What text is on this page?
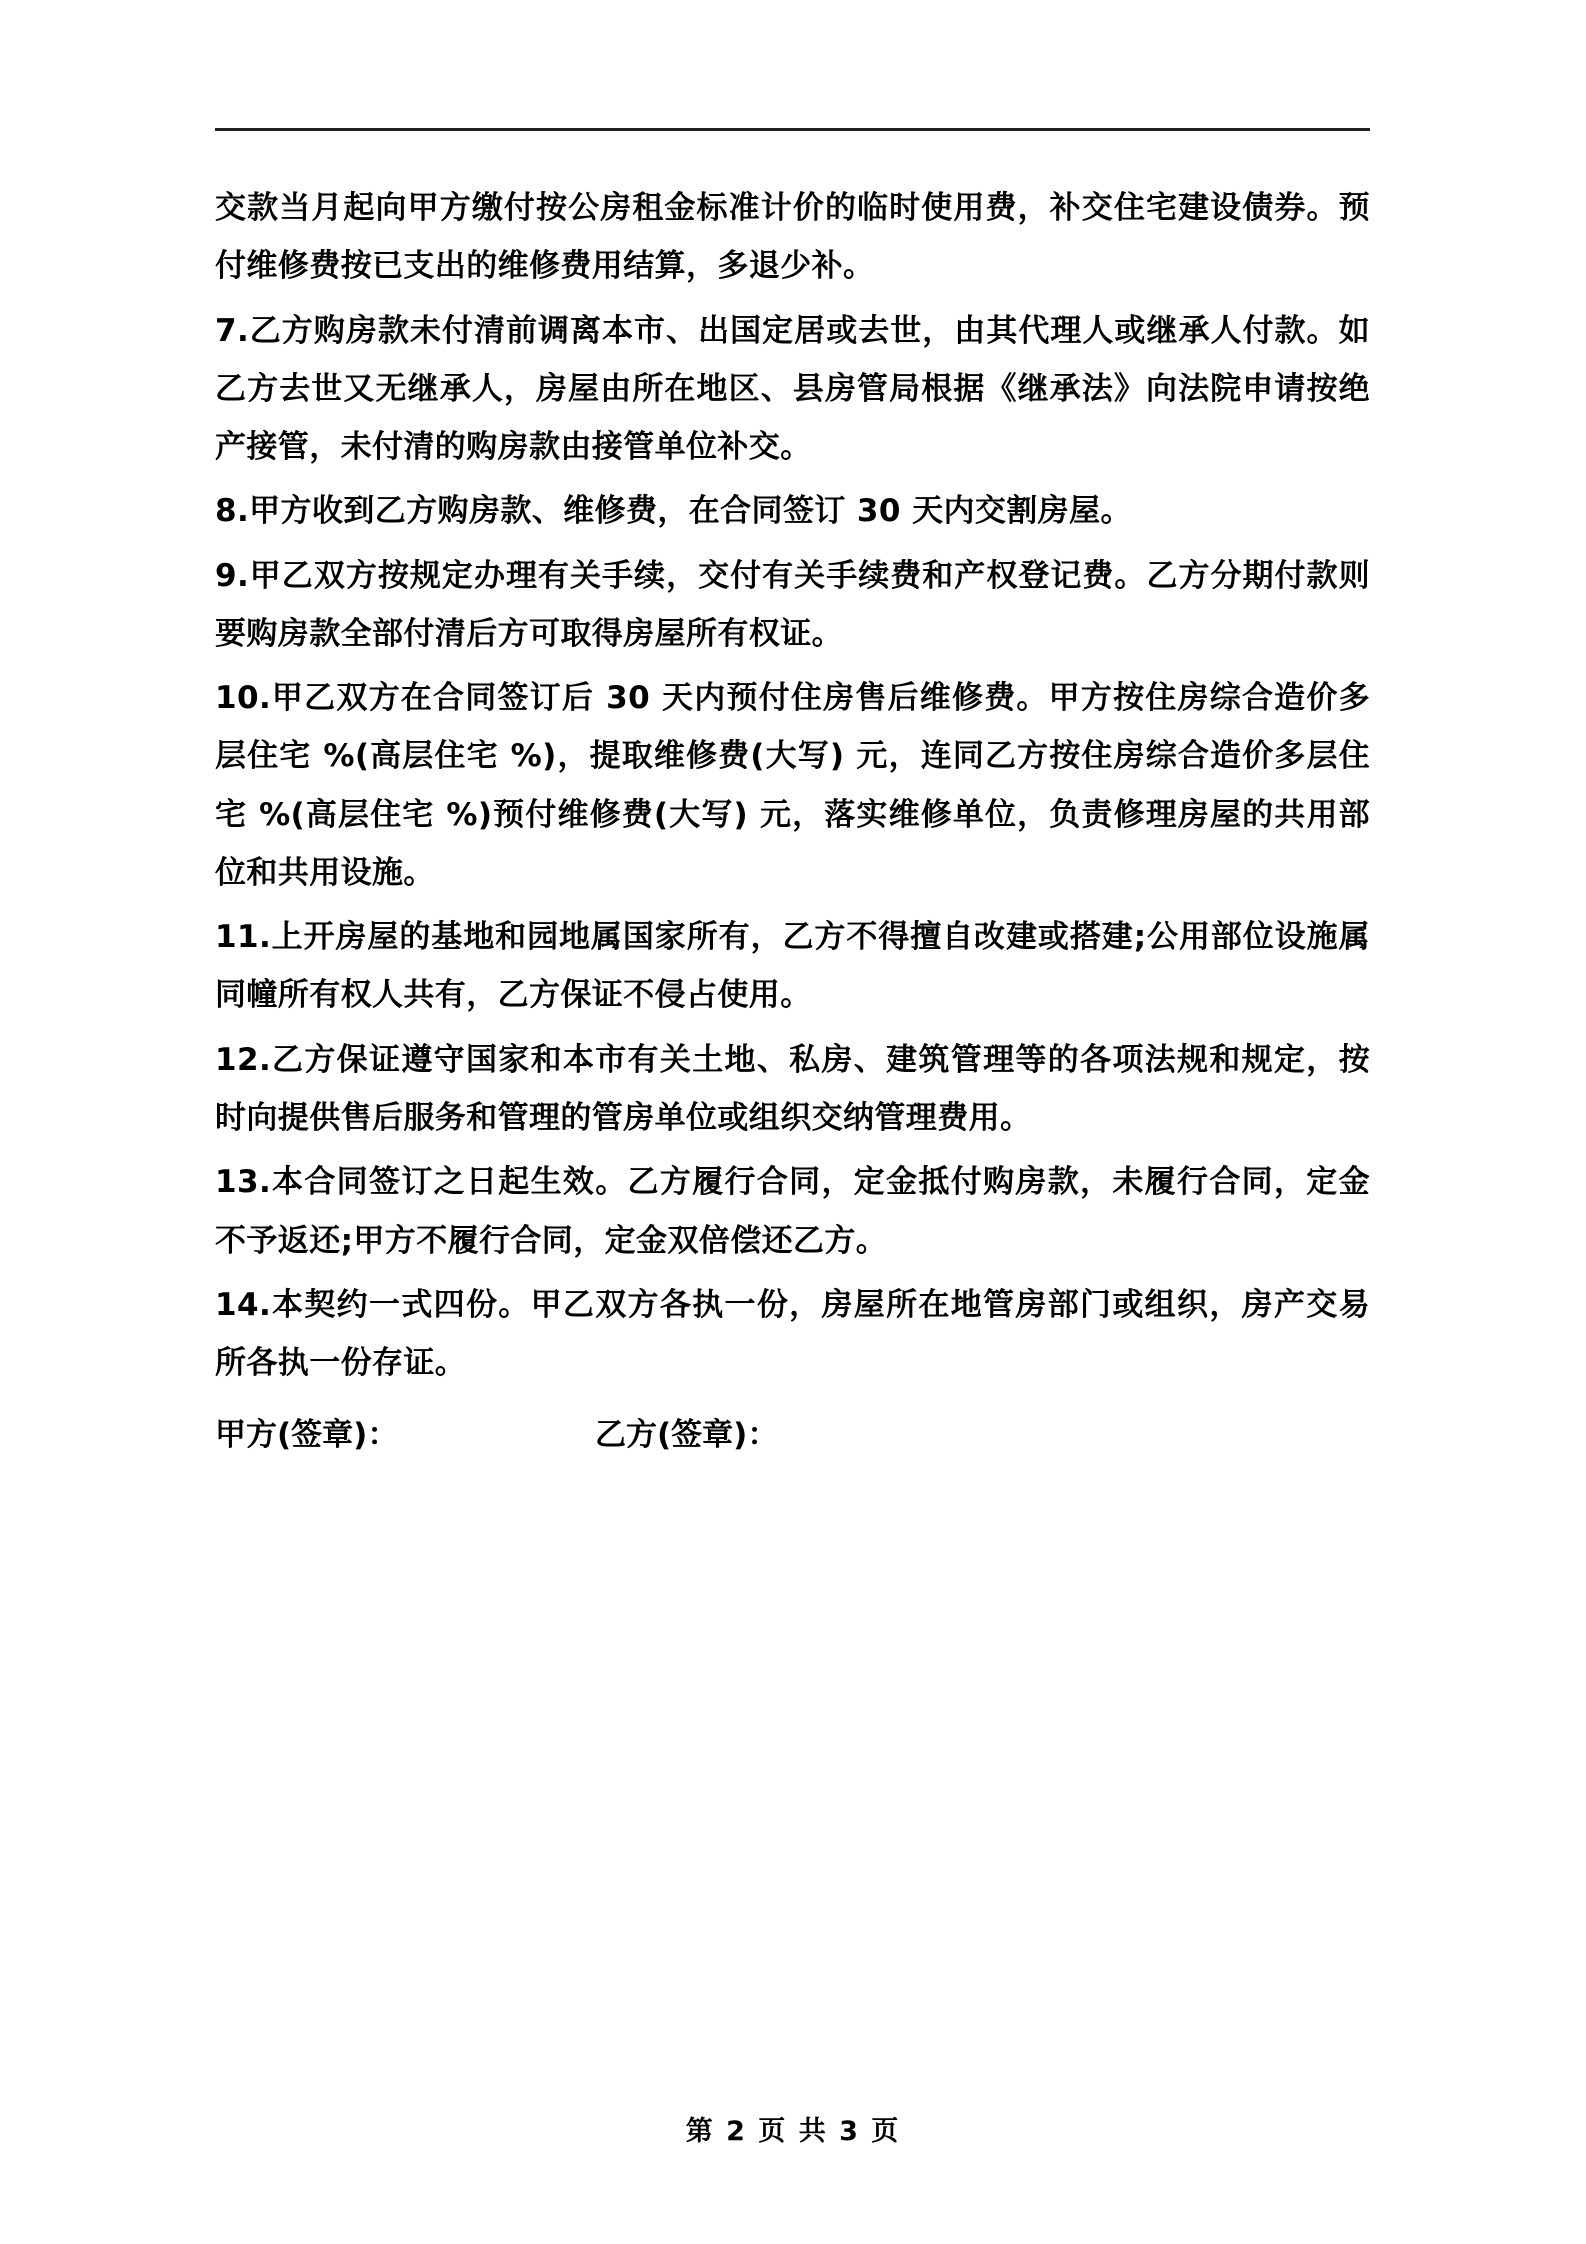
交款当月起向甲方缴付按公房租金标准计价的临时使用费，补交住宅建设债券。预付维修费按已支出的维修费用结算，多退少补。

7.乙方购房款未付清前调离本市、出国定居或去世，由其代理人或继承人付款。如乙方去世又无继承人，房屋由所在地区、县房管局根据《继承法》向法院申请按绝产接管，未付清的购房款由接管单位补交。

8.甲方收到乙方购房款、维修费，在合同签订 30 天内交割房屋。

9.甲乙双方按规定办理有关手续，交付有关手续费和产权登记费。乙方分期付款则要购房款全部付清后方可取得房屋所有权证。

10.甲乙双方在合同签订后 30 天内预付住房售后维修费。甲方按住房综合造价多层住宅 %(高层住宅 %)，提取维修费(大写) 元，连同乙方按住房综合造价多层住宅 %(高层住宅 %)预付维修费(大写) 元，落实维修单位，负责修理房屋的共用部位和共用设施。

11.上开房屋的基地和园地属国家所有，乙方不得擅自改建或搭建;公用部位设施属同幢所有权人共有，乙方保证不侵占使用。

12.乙方保证遵守国家和本市有关土地、私房、建筑管理等的各项法规和规定，按时向提供售后服务和管理的管房单位或组织交纳管理费用。

13.本合同签订之日起生效。乙方履行合同，定金抵付购房款，未履行合同，定金不予返还;甲方不履行合同，定金双倍偿还乙方。

14.本契约一式四份。甲乙双方各执一份，房屋所在地管房部门或组织，房产交易所各执一份存证。

甲方(签章)：	乙方(签章)：
第 2 页 共 3 页
